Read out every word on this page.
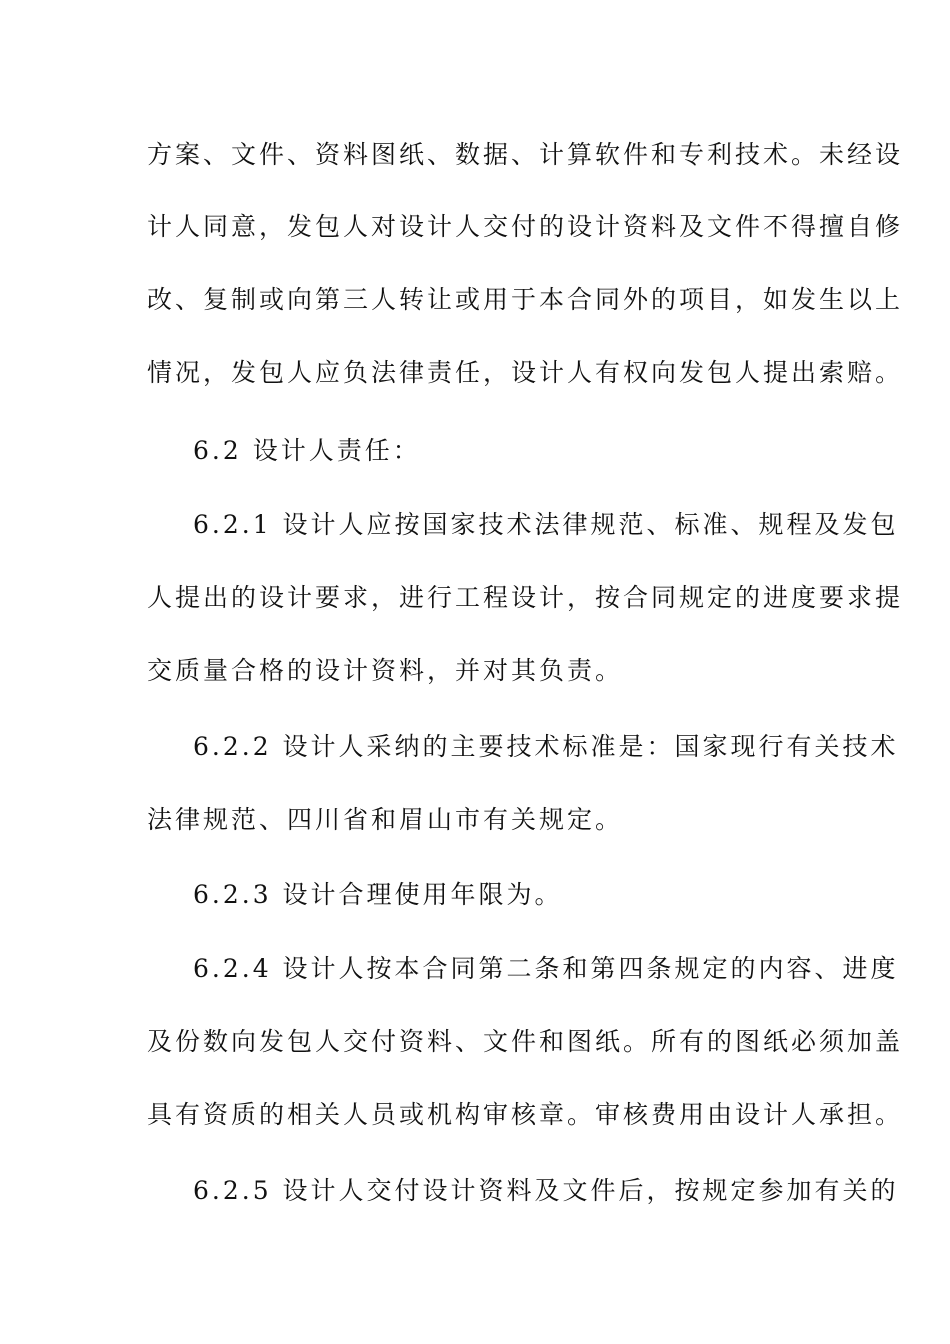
方案、文件、资料图纸、数据、计算软件和专利技术。未经设
计人同意，发包人对设计人交付的设计资料及文件不得擅自修
改、复制或向第三人转让或用于本合同外的项目，如发生以上
情况，发包人应负法律责任，设计人有权向发包人提出索赔。
6.2 设计人责任：
6.2.1 设计人应按国家技术法律规范、标准、规程及发包
人提出的设计要求，进行工程设计，按合同规定的进度要求提
交质量合格的设计资料，并对其负责。
6.2.2 设计人采纳的主要技术标准是：国家现行有关技术
法律规范、四川省和眉山市有关规定。
6.2.3 设计合理使用年限为。
6.2.4 设计人按本合同第二条和第四条规定的内容、进度
及份数向发包人交付资料、文件和图纸。所有的图纸必须加盖
具有资质的相关人员或机构审核章。审核费用由设计人承担。
6.2.5 设计人交付设计资料及文件后，按规定参加有关的
